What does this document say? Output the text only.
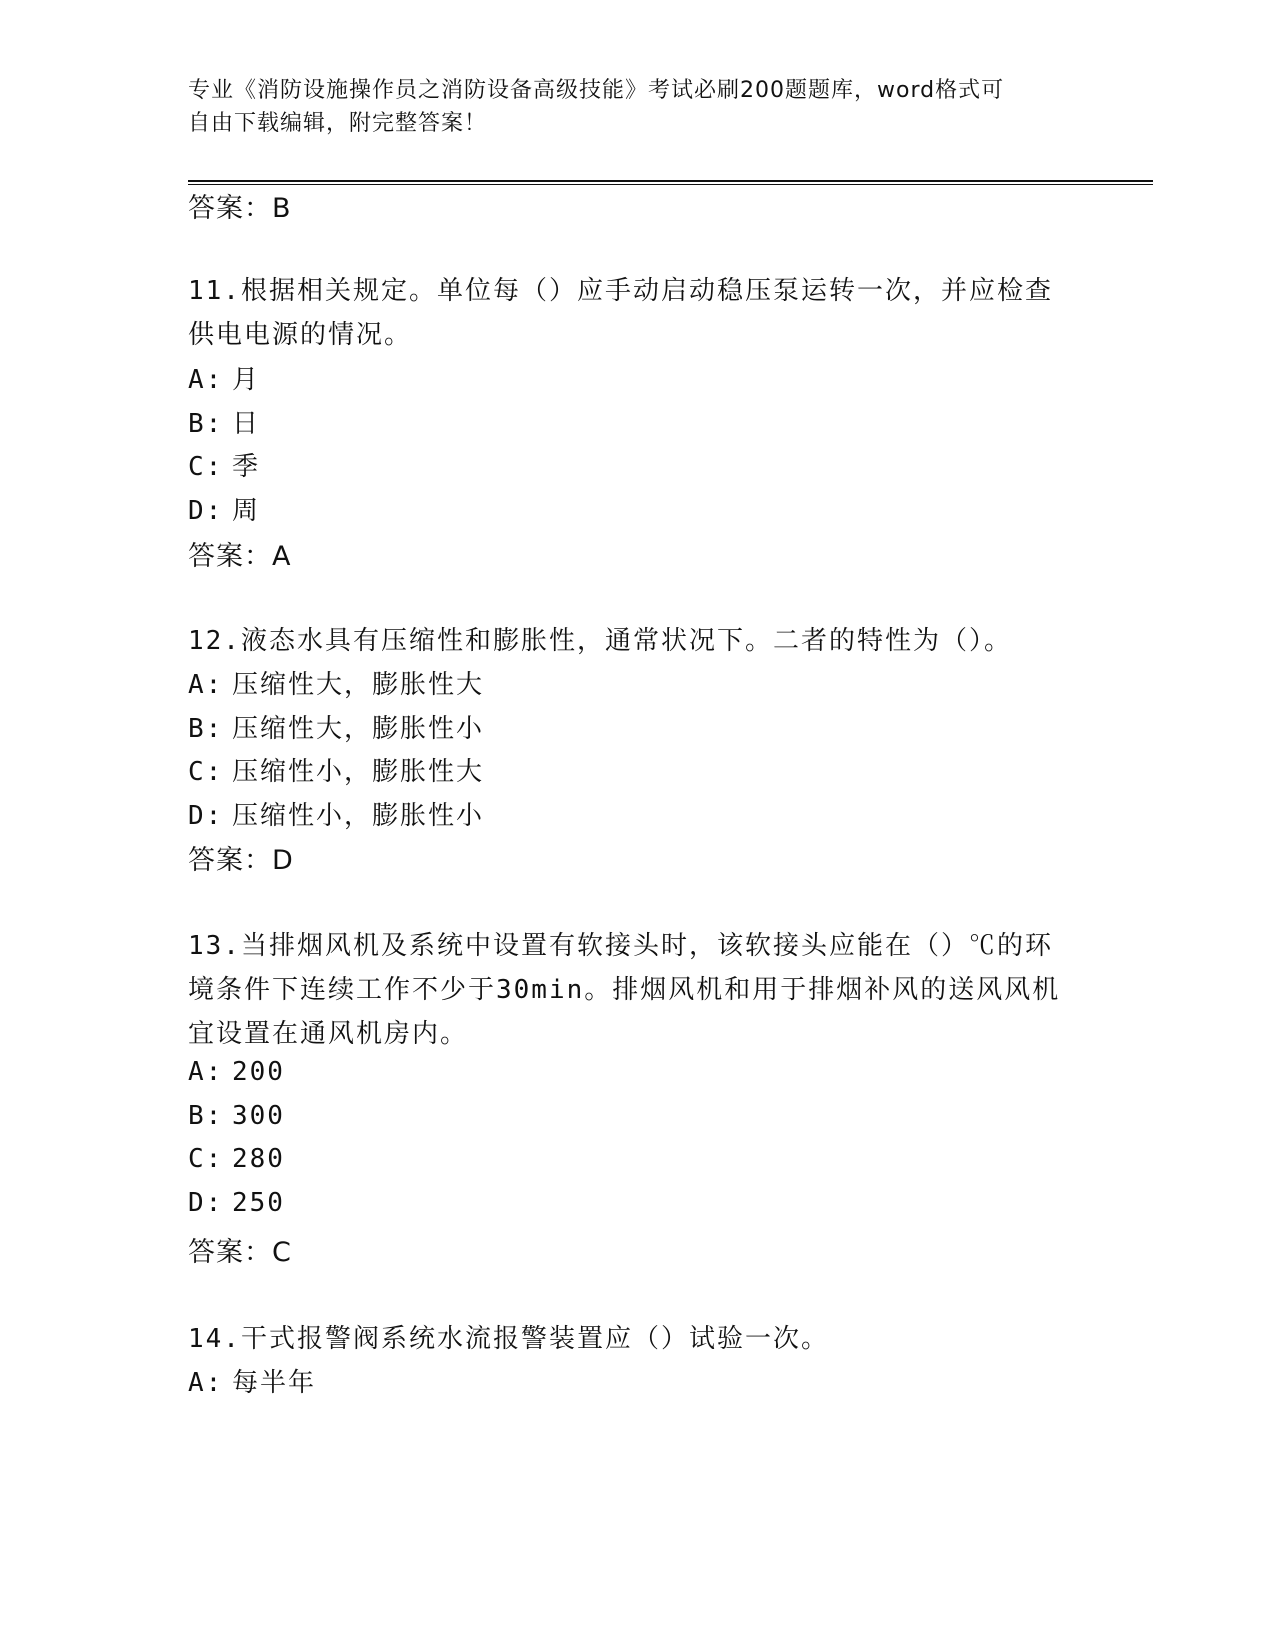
专业《消防设施操作员之消防设备高级技能》考试必刷200题题库，word格式可
自由下载编辑，附完整答案！
答案：B
11.根据相关规定。单位每（）应手动启动稳压泵运转一次，并应检查
供电电源的情况。
A: 月
B: 日
C: 季
D: 周
答案：A
12.液态水具有压缩性和膨胀性，通常状况下。二者的特性为（）。
A: 压缩性大，膨胀性大
B: 压缩性大，膨胀性小
C: 压缩性小，膨胀性大
D: 压缩性小，膨胀性小
答案：D
13.当排烟风机及系统中设置有软接头时，该软接头应能在（）℃的环
境条件下连续工作不少于30min。排烟风机和用于排烟补风的送风风机
宜设置在通风机房内。
A: 200
B: 300
C: 280
D: 250
答案：C
14.干式报警阀系统水流报警装置应（）试验一次。
A: 每半年
